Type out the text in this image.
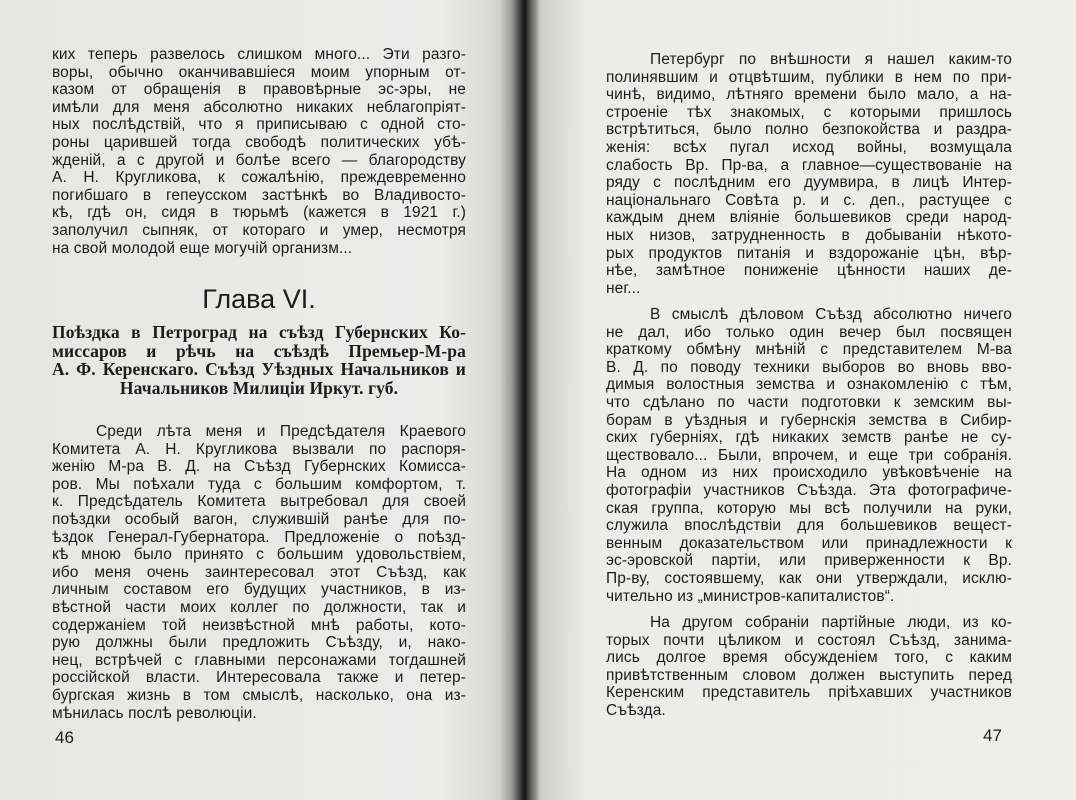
ких теперь развелось слишком много... Эти разго-
воры, обычно оканчивавшiеся моим упорным от-
казом от обращенiя в правовѣрные эс-эры, не
имѣли для меня абсолютно никаких неблагопрiят-
ных послѣдствiй, что я приписываю с одной сто-
роны царившей тогда свободѣ политических убѣ-
жденiй, а с другой и болѣе всего — благородству
А. Н. Кругликова, к сожалѣнiю, преждевременно
погибшаго в гепеусском застѣнкѣ во Владивосто-
кѣ, гдѣ он, сидя в тюрьмѣ (кажется в 1921 г.)
заполучил сыпняк, от котораго и умер, несмотря
на свой молодой еще могучiй организм...
Глава VI.
Поѣздка в Петроград на съѣзд Губернских Ко-
миссаров и рѣчь на съѣздѣ Премьер-М-ра
А. Ф. Керенскаго. Съѣзд Уѣздных Начальников и
Начальников Милицiи Иркут. губ.
Среди лѣта меня и Предсѣдателя Краевого
Комитета А. Н. Кругликова вызвали по распоря-
женiю М-ра В. Д. на Съѣзд Губернских Комисса-
ров. Мы поѣхали туда с большим комфортом, т.
к. Предсѣдатель Комитета вытребовал для своей
поѣздки особый вагон, служившiй ранѣе для по-
ѣздок Генерал-Губернатора. Предложенiе о поѣзд-
кѣ мною было принято с большим удовольствiем,
ибо меня очень заинтересовал этот Съѣзд, как
личным составом его будущих участников, в из-
вѣстной части моих коллег по должности, так и
содержанiем той неизвѣстной мнѣ работы, кото-
рую должны были предложить Съѣзду, и, нако-
нец, встрѣчей с главными персонажами тогдашней
россiйской власти. Интересовала также и петер-
бургская жизнь в том смыслѣ, насколько, она из-
мѣнилась послѣ революцiи.
46
Петербург по внѣшности я нашел каким-то
полинявшим и отцвѣтшим, публики в нем по при-
чинѣ, видимо, лѣтняго времени было мало, а на-
строенiе тѣх знакомых, с которыми пришлось
встрѣтиться, было полно безпокойства и раздра-
женiя: всѣх пугал исход войны, возмущала
слабость Вр. Пр-ва, а главное—существованiе на
ряду с послѣдним его дуумвира, в лицѣ Интер-
нацiональнаго Совѣта р. и с. деп., растущее с
каждым днем влiянiе большевиков среди народ-
ных низов, затрудненность в добыванiи нѣкото-
рых продуктов питанiя и вздорожанiе цѣн, вѣр-
нѣе, замѣтное пониженiе цѣнности наших де-
нег...
В смыслѣ дѣловом Съѣзд абсолютно ничего
не дал, ибо только один вечер был посвящен
краткому обмѣну мнѣнiй с представителем М-ва
В. Д. по поводу техники выборов во вновь вво-
димыя волостныя земства и ознакомленiю с тѣм,
что сдѣлано по части подготовки к земским вы-
борам в уѣздныя и губернскiя земства в Сибир-
ских губернiях, гдѣ никаких земств ранѣе не су-
ществовало... Были, впрочем, и еще три собранiя.
На одном из них происходило увѣковѣченiе на
фотографiи участников Съѣзда. Эта фотографиче-
ская группа, которую мы всѣ получили на руки,
служила впослѣдствiи для большевиков вещест-
венным доказательством или принадлежности к
эс-эровской партiи, или приверженности к Вр.
Пр-ву, состоявшему, как они утверждали, исклю-
чительно из „министров-капиталистов“.
На другом собранiи партiйные люди, из ко-
торых почти цѣликом и состоял Съѣзд, занима-
лись долгое время обсужденiем того, с каким
привѣтственным словом должен выступить перед
Керенским представитель прiѣхавших участников
Съѣзда.
47
